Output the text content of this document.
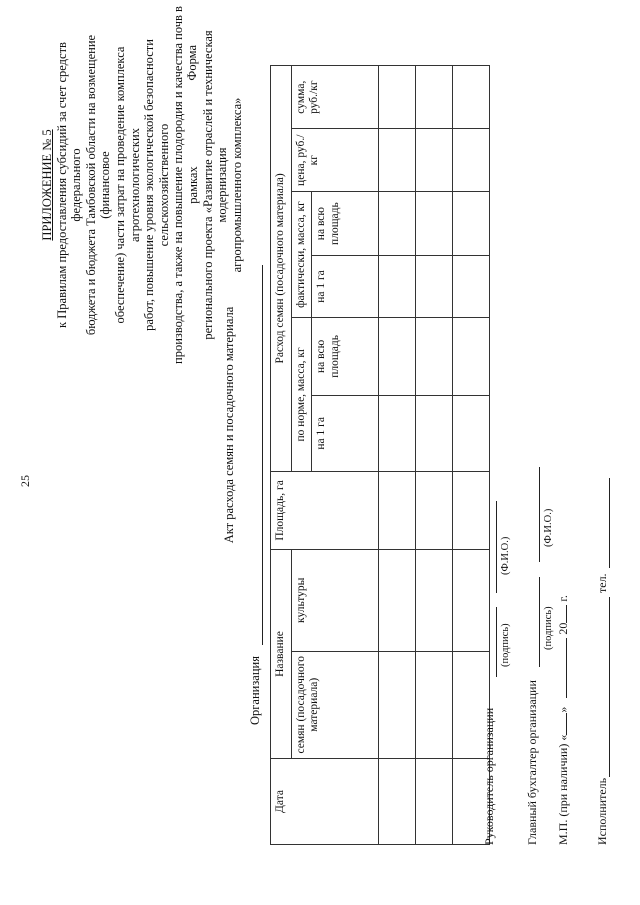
25
ПРИЛОЖЕНИЕ № 5 к Правилам предоставления субсидий за счет средств федерального бюджета и бюджета Тамбовской области на возмещение (финансовое обеспечение) части затрат на проведение комплекса агротехнологических работ, повышение уровня экологической безопасности сельскохозяйственного производства, а также на повышение плодородия и качества почв в рамках регионального проекта «Развитие отраслей и техническая модернизация агропромышленного комплекса»
Форма
Акт расхода семян и посадочного материала
Организация
Дата	Название		Площадь, га	Расход семян (посадочного материала)					
	семян (посадочного материала)	культуры		по норме, масса, кг		фактически, масса, кг		цена, руб./кг	сумма, руб./кг
				на 1 га	на всю площадь	на 1 га	на всю площадь		

Руководитель организации
(подпись)
(Ф.И.О.)
Главный бухгалтер организации
(подпись)
(Ф.И.О.)
М.П. (при наличии) «»  20 г.
Исполнитель
тел.
